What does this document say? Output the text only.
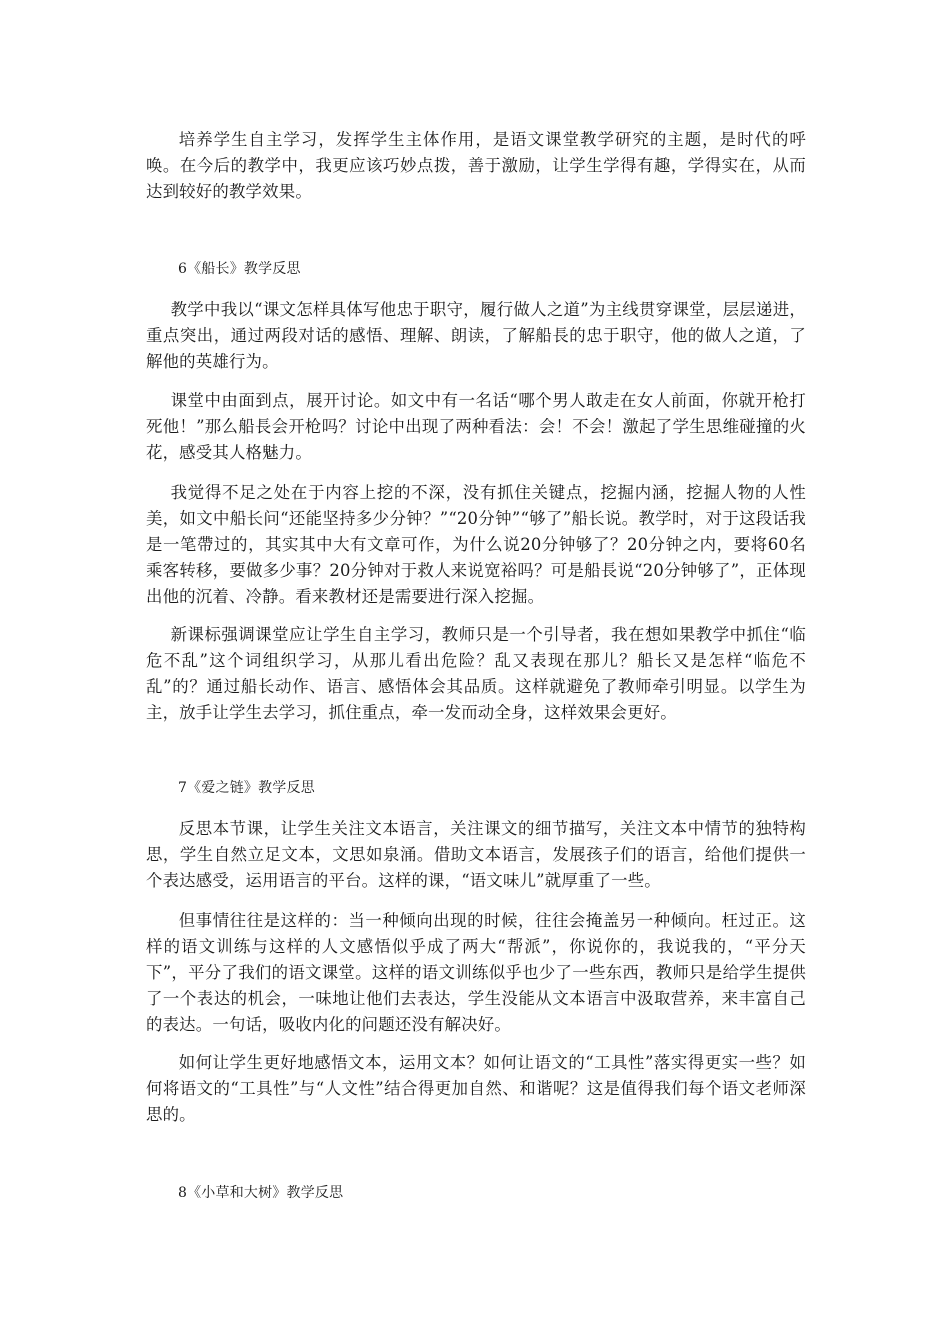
培养学生自主学习，发挥学生主体作用，是语文课堂教学研究的主题，是时代的呼唤。在今后的教学中，我更应该巧妙点拨，善于激励，让学生学得有趣，学得实在，从而达到较好的教学效果。

6《船长》教学反思

教学中我以“课文怎样具体写他忠于职守，履行做人之道”为主线贯穿课堂，层层递进，重点突出，通过两段对话的感悟、理解、朗读，了解船長的忠于职守，他的做人之道，了解他的英雄行为。

课堂中由面到点，展开讨论。如文中有一名话“哪个男人敢走在女人前面，你就开枪打死他！”那么船長会开枪吗？讨论中出现了两种看法：会！不会！激起了学生思维碰撞的火花，感受其人格魅力。

我觉得不足之处在于内容上挖的不深，没有抓住关键点，挖掘内涵，挖掘人物的人性美，如文中船长问“还能坚持多少分钟？”“20分钟”“够了”船长说。教学时，对于这段话我是一笔帶过的，其实其中大有文章可作，为什么说20分钟够了？20分钟之内，要将60名乘客转移，要做多少事？20分钟对于救人来说宽裕吗？可是船長说“20分钟够了”，正体现出他的沉着、冷静。看来教材还是需要进行深入挖掘。

新课标强调课堂应让学生自主学习，教师只是一个引导者，我在想如果教学中抓住“临危不乱”这个词组织学习，从那儿看出危险？乱又表现在那儿？船长又是怎样“临危不乱”的？通过船长动作、语言、感悟体会其品质。这样就避免了教师牵引明显。以学生为主，放手让学生去学习，抓住重点，牵一发而动全身，这样效果会更好。

7《爱之链》教学反思

反思本节课，让学生关注文本语言，关注课文的细节描写，关注文本中情节的独特构思，学生自然立足文本，文思如泉涌。借助文本语言，发展孩子们的语言，给他们提供一个表达感受，运用语言的平台。这样的课，“语文味儿”就厚重了一些。

但事情往往是这样的：当一种倾向出现的时候，往往会掩盖另一种倾向。枉过正。这样的语文训练与这样的人文感悟似乎成了两大“帮派”，你说你的，我说我的，“平分天下”，平分了我们的语文课堂。这样的语文训练似乎也少了一些东西，教师只是给学生提供了一个表达的机会，一味地让他们去表达，学生没能从文本语言中汲取营养，来丰富自己的表达。一句话，吸收内化的问题还没有解决好。

如何让学生更好地感悟文本，运用文本？如何让语文的“工具性”落实得更实一些？如何将语文的“工具性”与“人文性”结合得更加自然、和谐呢？这是值得我们每个语文老师深思的。

8《小草和大树》教学反思
